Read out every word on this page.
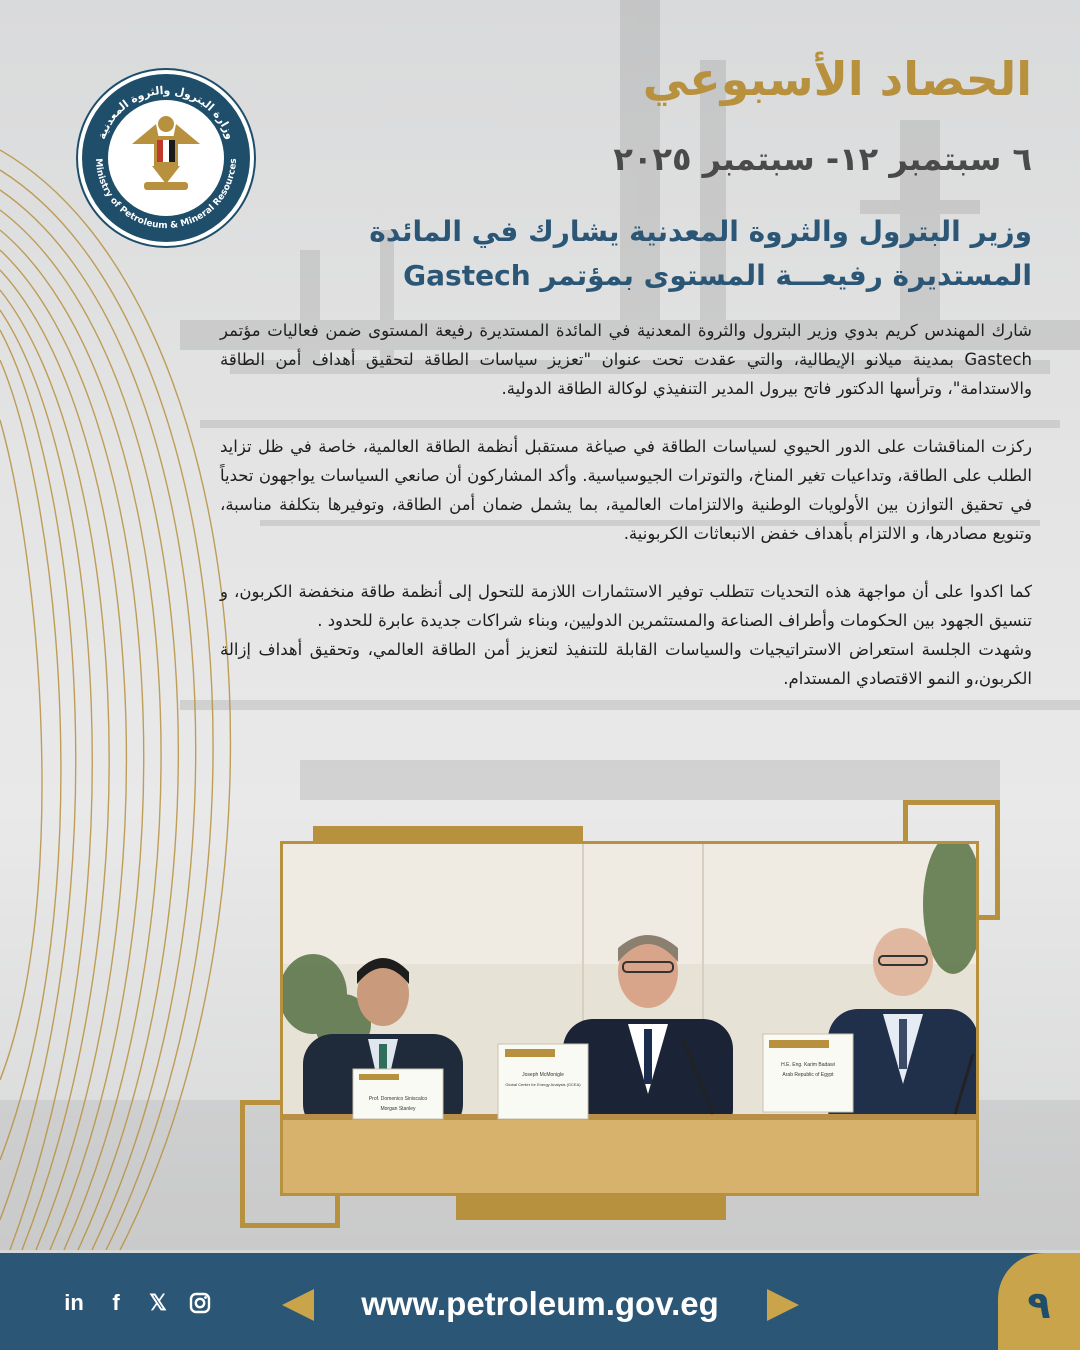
وزارة البترول والثروة المعدنية
Ministry of Petroleum & Mineral Resources
الحصاد الأسبوعي
٦ سبتمبر ١٢- سبتمبر ٢٠٢٥
وزير البترول والثروة المعدنية يشارك في المائدة
المستديرة رفيعـــة المستوى بمؤتمر Gastech

شارك المهندس كريم بدوي وزير البترول والثروة المعدنية في المائدة المستديرة رفيعة المستوى ضمن فعاليات مؤتمر Gastech بمدينة ميلانو الإيطالية، والتي عقدت تحت عنوان "تعزيز سياسات الطاقة لتحقيق أهداف أمن الطاقة والاستدامة"، وترأسها الدكتور فاتح بيرول المدير التنفيذي لوكالة الطاقة الدولية.

ركزت المناقشات على الدور الحيوي لسياسات الطاقة في صياغة مستقبل أنظمة الطاقة العالمية، خاصة في ظل تزايد الطلب على الطاقة، وتداعيات تغير المناخ، والتوترات الجيوسياسية. وأكد المشاركون أن صانعي السياسات يواجهون تحدياً في تحقيق التوازن بين الأولويات الوطنية والالتزامات العالمية، بما يشمل ضمان أمن الطاقة، وتوفيرها بتكلفة مناسبة، وتنويع مصادرها، و الالتزام بأهداف خفض الانبعاثات الكربونية.

كما اكدوا على أن مواجهة هذه التحديات تتطلب توفير الاستثمارات اللازمة للتحول إلى أنظمة طاقة منخفضة الكربون، و تنسيق الجهود بين الحكومات وأطراف الصناعة والمستثمرين الدوليين، وبناء شراكات جديدة عابرة للحدود .

وشهدت الجلسة استعراض الاستراتيجيات والسياسات القابلة للتنفيذ لتعزيز أمن الطاقة العالمي، وتحقيق أهداف إزالة الكربون،و النمو الاقتصادي المستدام.

Prof. Domenico Siniscalco
Morgan Stanley
Joseph McMonigle
Global Center for Energy Analysis (GCEA)
H.E. Eng. Karim Badawi
Arab Republic of Egypt
in	f	𝕏	www.petroleum.gov.eg	٩
